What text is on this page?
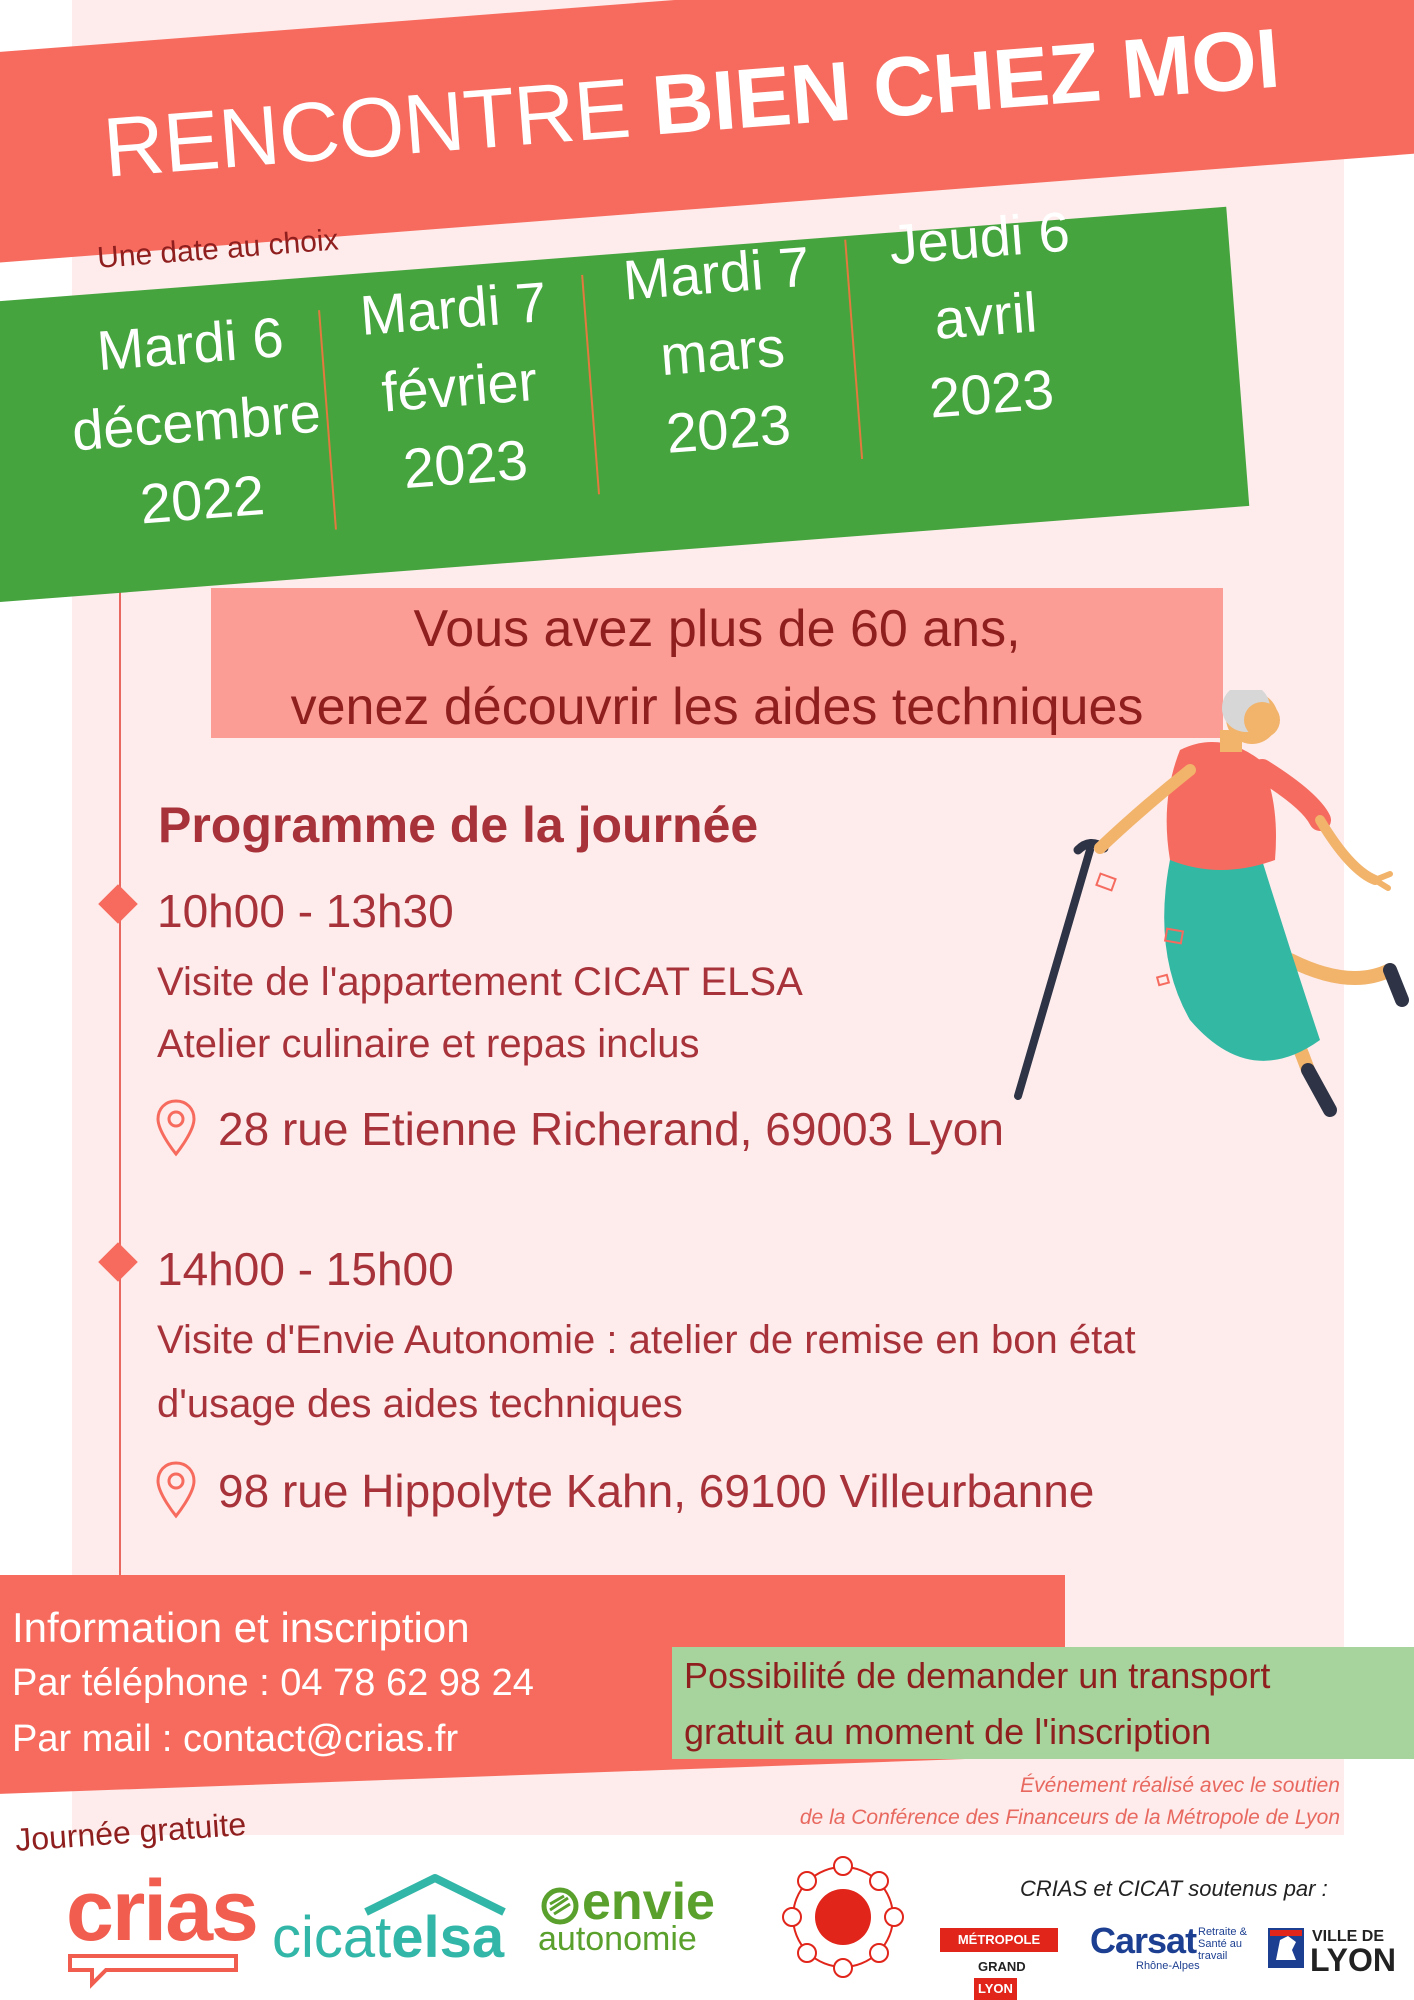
RENCONTRE BIEN CHEZ MOI
Une date au choix
Mardi 6
décembre
2022
Mardi 7
février
2023
Mardi 7
mars
2023
Jeudi 6
avril
2023
Vous avez plus de 60 ans,
venez découvrir les aides techniques
Programme de la journée
10h00 - 13h30
Visite de l'appartement CICAT ELSA
Atelier culinaire et repas inclus
28 rue Etienne Richerand, 69003 Lyon
14h00 - 15h00
Visite d'Envie Autonomie : atelier de remise en bon état
d'usage des aides techniques
98 rue Hippolyte Kahn, 69100 Villeurbanne
Information et inscription
Par téléphone : 04 78 62 98 24
Par mail : contact@crias.fr
Possibilité de demander un transport
gratuit au moment de l'inscription
Événement réalisé avec le soutien
de la Conférence des Financeurs de la Métropole de Lyon
Journée gratuite
crias cicatelsa
envie
autonomie
CRIAS et CICAT soutenus par :
MÉTROPOLE
GRAND LYON
Carsat Retraite & Santé au travail
Rhône-Alpes
VILLE DE
LYON
